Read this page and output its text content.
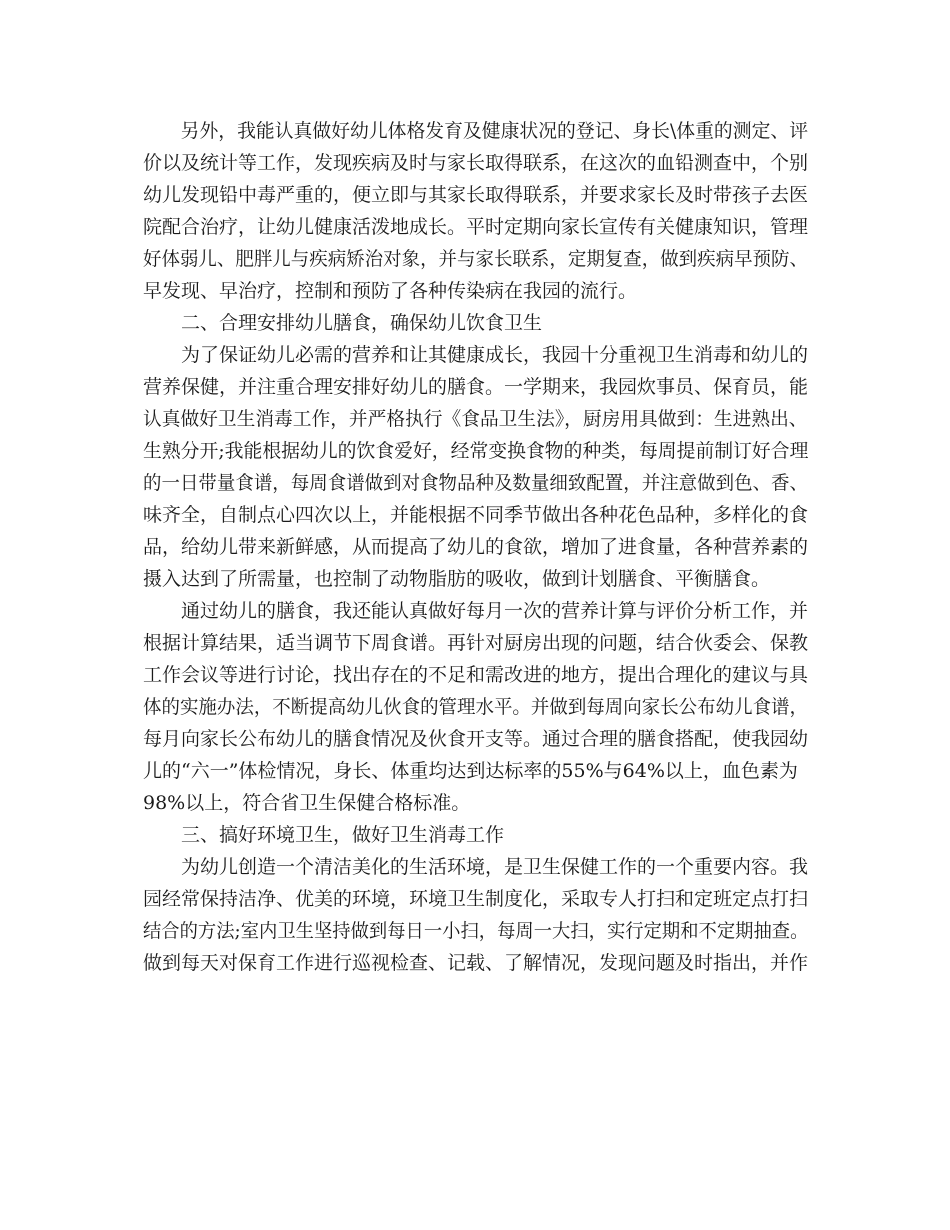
另外，我能认真做好幼儿体格发育及健康状况的登记、身长\体重的测定、评
价以及统计等工作，发现疾病及时与家长取得联系，在这次的血铅测查中，个别
幼儿发现铅中毒严重的，便立即与其家长取得联系，并要求家长及时带孩子去医
院配合治疗，让幼儿健康活泼地成长。平时定期向家长宣传有关健康知识，管理
好体弱儿、肥胖儿与疾病矫治对象，并与家长联系，定期复查，做到疾病早预防、
早发现、早治疗，控制和预防了各种传染病在我园的流行。
二、合理安排幼儿膳食，确保幼儿饮食卫生
为了保证幼儿必需的营养和让其健康成长，我园十分重视卫生消毒和幼儿的
营养保健，并注重合理安排好幼儿的膳食。一学期来，我园炊事员、保育员，能
认真做好卫生消毒工作，并严格执行《食品卫生法》，厨房用具做到：生进熟出、
生熟分开;我能根据幼儿的饮食爱好，经常变换食物的种类，每周提前制订好合理
的一日带量食谱，每周食谱做到对食物品种及数量细致配置，并注意做到色、香、
味齐全，自制点心四次以上，并能根据不同季节做出各种花色品种，多样化的食
品，给幼儿带来新鲜感，从而提高了幼儿的食欲，增加了进食量，各种营养素的
摄入达到了所需量，也控制了动物脂肪的吸收，做到计划膳食、平衡膳食。
通过幼儿的膳食，我还能认真做好每月一次的营养计算与评价分析工作，并
根据计算结果，适当调节下周食谱。再针对厨房出现的问题，结合伙委会、保教
工作会议等进行讨论，找出存在的不足和需改进的地方，提出合理化的建议与具
体的实施办法，不断提高幼儿伙食的管理水平。并做到每周向家长公布幼儿食谱，
每月向家长公布幼儿的膳食情况及伙食开支等。通过合理的膳食搭配，使我园幼
儿的“六一”体检情况，身长、体重均达到达标率的55%与64%以上，血色素为
98%以上，符合省卫生保健合格标准。
三、搞好环境卫生，做好卫生消毒工作
为幼儿创造一个清洁美化的生活环境，是卫生保健工作的一个重要内容。我
园经常保持洁净、优美的环境，环境卫生制度化，采取专人打扫和定班定点打扫
结合的方法;室内卫生坚持做到每日一小扫，每周一大扫，实行定期和不定期抽查。
做到每天对保育工作进行巡视检查、记载、了解情况，发现问题及时指出，并作
